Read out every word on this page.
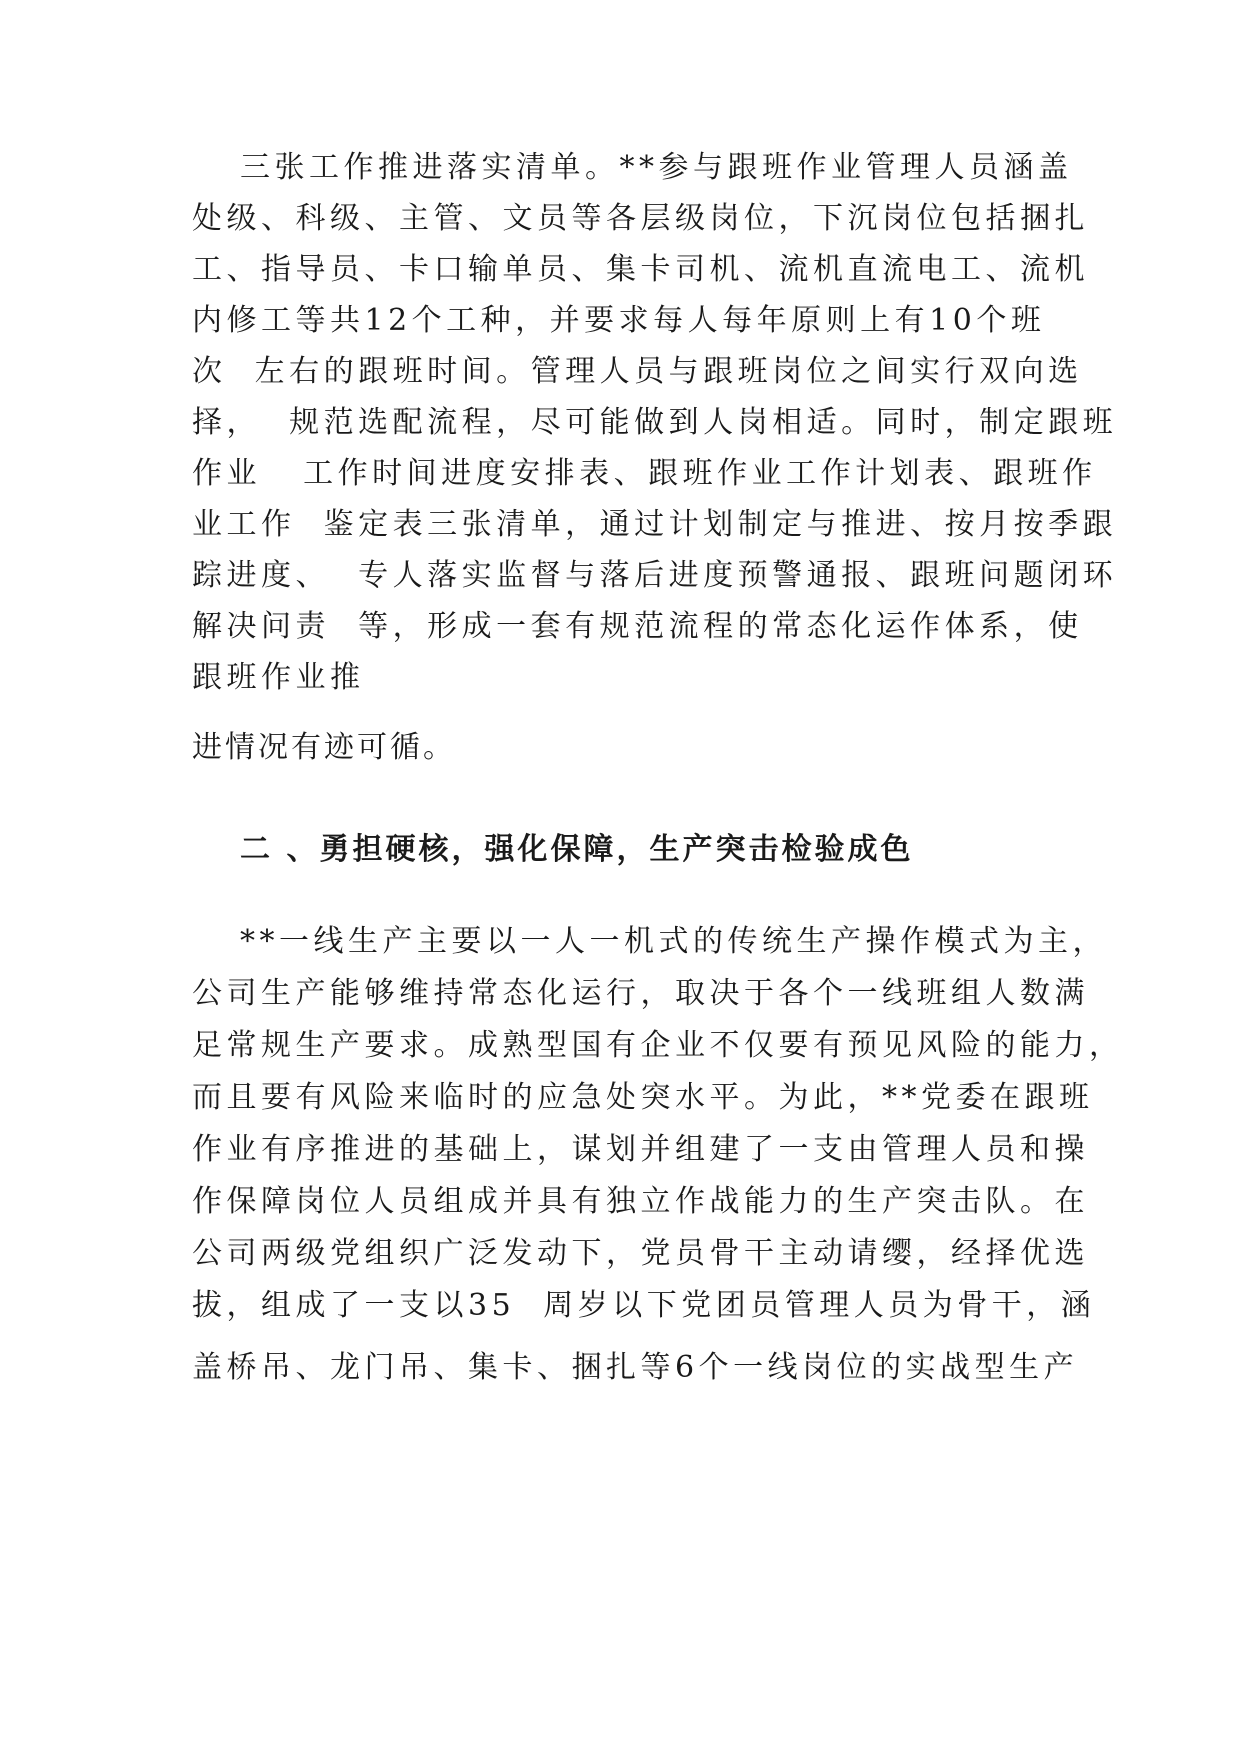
三张工作推进落实清单。**参与跟班作业管理人员涵盖
处级、科级、主管、文员等各层级岗位，下沉岗位包括捆扎
工、指导员、卡口输单员、集卡司机、流机直流电工、流机
内修工等共12个工种，并要求每人每年原则上有10个班
次  左右的跟班时间。管理人员与跟班岗位之间实行双向选
择，  规范选配流程，尽可能做到人岗相适。同时，制定跟班
作业   工作时间进度安排表、跟班作业工作计划表、跟班作
业工作  鉴定表三张清单，通过计划制定与推进、按月按季跟
踪进度、  专人落实监督与落后进度预警通报、跟班问题闭环
解决问责  等，形成一套有规范流程的常态化运作体系，使
跟班作业推
进情况有迹可循。
二 、勇担硬核，强化保障，生产突击检验成色
**一线生产主要以一人一机式的传统生产操作模式为主，
公司生产能够维持常态化运行，取决于各个一线班组人数满
足常规生产要求。成熟型国有企业不仅要有预见风险的能力，
而且要有风险来临时的应急处突水平。为此，**党委在跟班
作业有序推进的基础上，谋划并组建了一支由管理人员和操
作保障岗位人员组成并具有独立作战能力的生产突击队。在
公司两级党组织广泛发动下，党员骨干主动请缨，经择优选
拔，组成了一支以35  周岁以下党团员管理人员为骨干，涵
盖桥吊、龙门吊、集卡、捆扎等6个一线岗位的实战型生产
